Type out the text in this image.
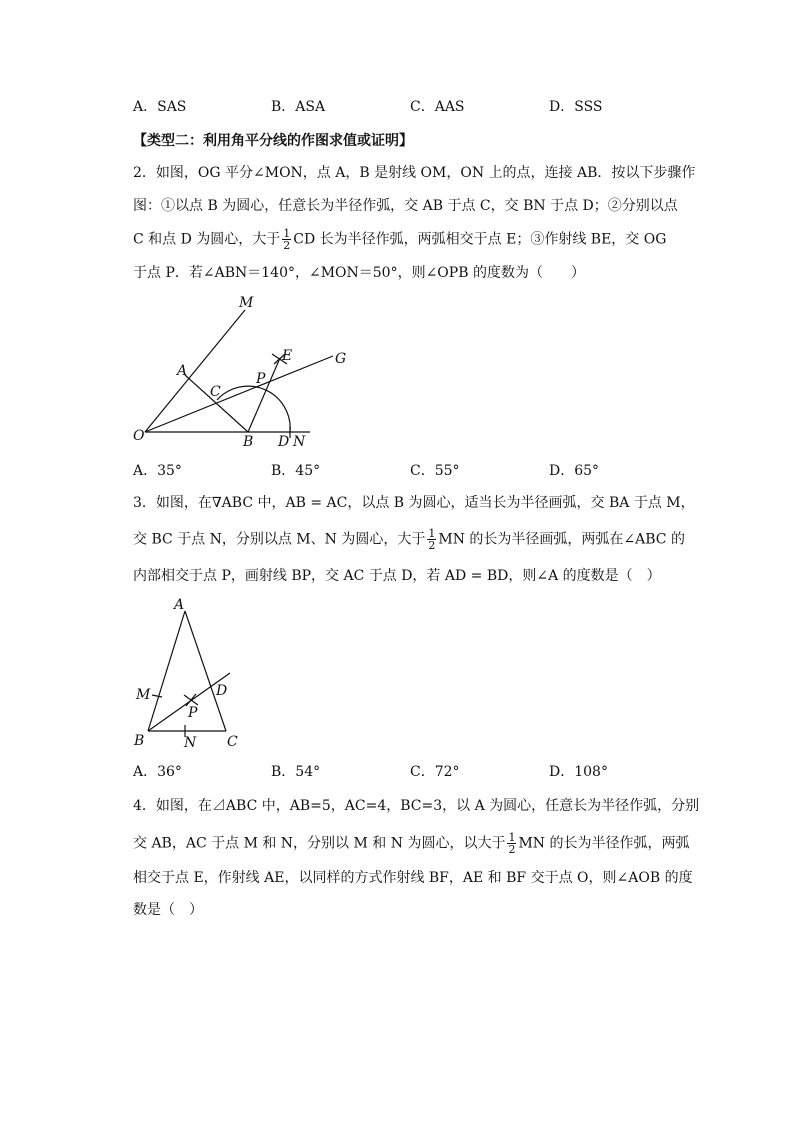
A．SAS	B．ASA	C．AAS	D．SSS
【类型二：利用角平分线的作图求值或证明】
2．如图，OG 平分∠MON，点 A，B 是射线 OM，ON 上的点，连接 AB．按以下步骤作
图：①以点 B 为圆心，任意长为半径作弧，交 AB 于点 C，交 BN 于点 D；②分别以点
C 和点 D 为圆心，大于 $\frac{1}{2}$ CD 长为半径作弧，两弧相交于点 E；③作射线 BE，交 OG
于点 P．若∠ABN＝140°，∠MON＝50°，则∠OPB 的度数为（　　）
M
E	G
A	P
C
O	B D N
A．35°	B．45°	C．55°	D．65°
3．如图，在∇ABC 中，AB = AC，以点 B 为圆心，适当长为半径画弧，交 BA 于点 M，
交 BC 于点 N，分别以点 M、N 为圆心，大于 $\frac{1}{2}$ MN 的长为半径画弧，两弧在∠ABC 的
内部相交于点 P，画射线 BP，交 AC 于点 D，若 AD = BD，则∠A 的度数是（　）
A
M	D
P
B	N C
A．36°	B．54°	C．72°	D．108°
4．如图，在⊿ABC 中，AB=5，AC=4，BC=3，以 A 为圆心，任意长为半径作弧，分别
交 AB，AC 于点 M 和 N，分别以 M 和 N 为圆心，以大于 $\frac{1}{2}$ MN 的长为半径作弧，两弧
相交于点 E，作射线 AE，以同样的方式作射线 BF，AE 和 BF 交于点 O，则∠AOB 的度
数是（　）
